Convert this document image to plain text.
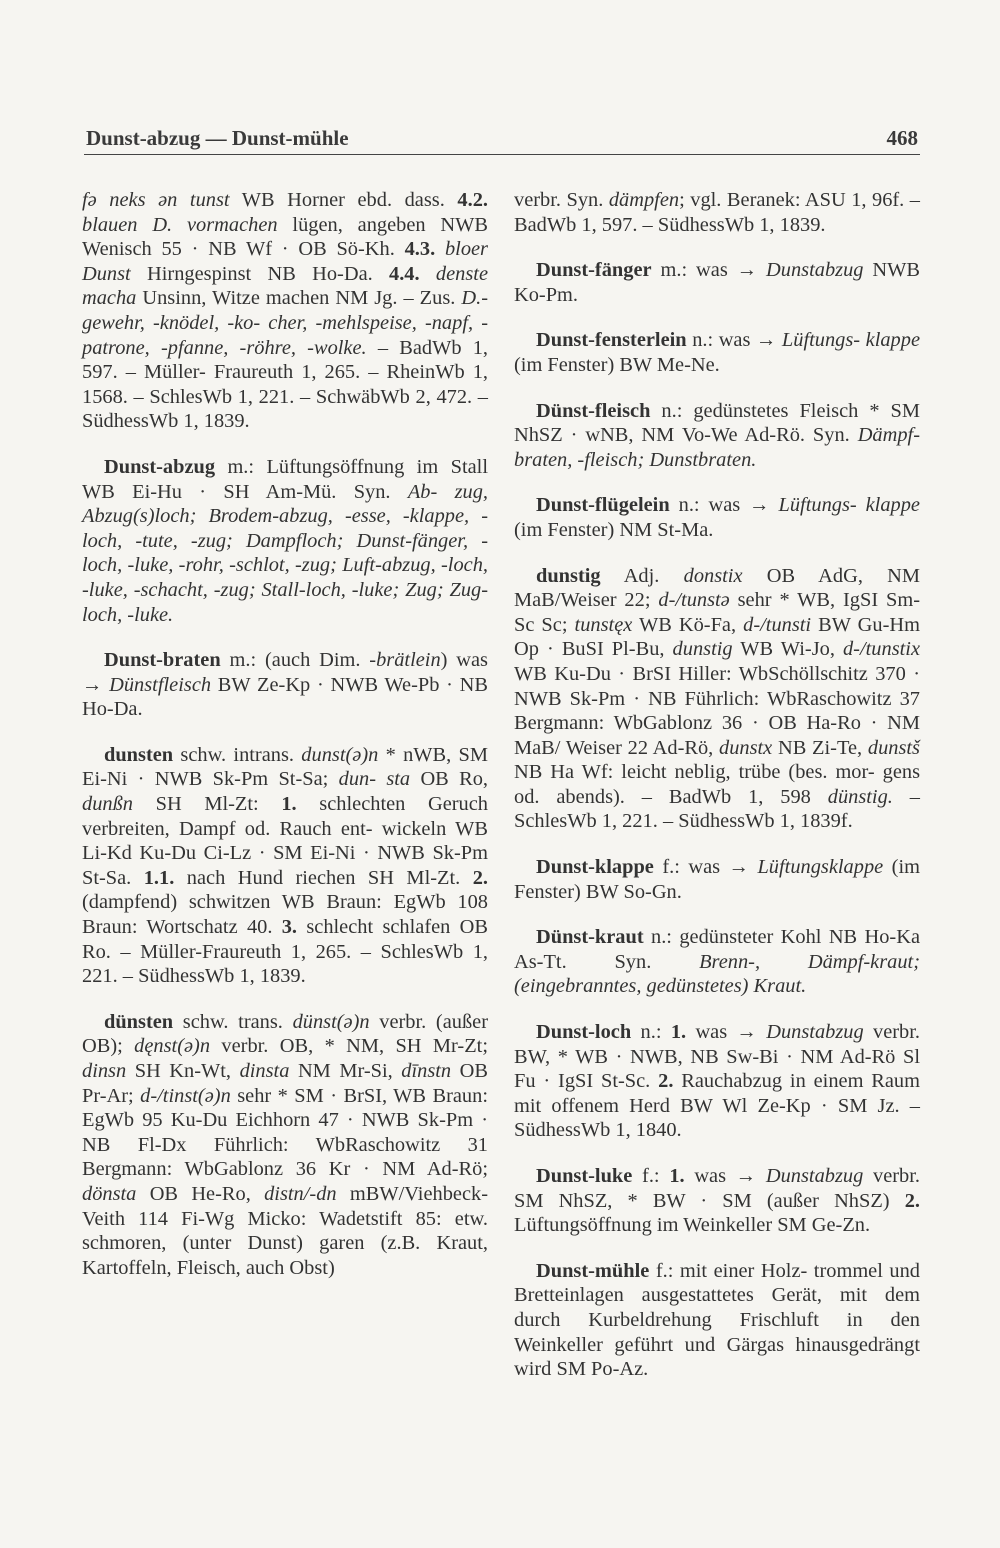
Dunst-abzug — Dunst-mühle	468

fə neks ən tunst WB Horner ebd. dass. 4.2. blauen D. vormachen lügen, angeben NWB Wenisch 55 · NB Wf · OB Sö-Kh. 4.3. bloer Dunst Hirngespinst NB Ho-Da. 4.4. denste macha Unsinn, Witze machen NM Jg. – Zus. D.-gewehr, -knödel, -ko- cher, -mehlspeise, -napf, -patrone, -pfanne, -röhre, -wolke. – BadWb 1, 597. – Müller- Fraureuth 1, 265. – RheinWb 1, 1568. – SchlesWb 1, 221. – SchwäbWb 2, 472. – SüdhessWb 1, 1839.

Dunst-abzug m.: Lüftungsöffnung im Stall WB Ei-Hu · SH Am-Mü. Syn. Ab- zug, Abzug(s)loch; Brodem-abzug, -esse, -klappe, -loch, -tute, -zug; Dampfloch; Dunst-fänger, -loch, -luke, -rohr, -schlot, -zug; Luft-abzug, -loch, -luke, -schacht, -zug; Stall-loch, -luke; Zug; Zug-loch, -luke.

Dunst-braten m.: (auch Dim. -brätlein) was → Dünstfleisch BW Ze-Kp · NWB We-Pb · NB Ho-Da.

dunsten schw. intrans. dunst(ə)n * nWB, SM Ei-Ni · NWB Sk-Pm St-Sa; dun- sta OB Ro, dunßn SH Ml-Zt: 1. schlechten Geruch verbreiten, Dampf od. Rauch ent- wickeln WB Li-Kd Ku-Du Ci-Lz · SM Ei-Ni · NWB Sk-Pm St-Sa. 1.1. nach Hund riechen SH Ml-Zt. 2. (dampfend) schwitzen WB Braun: EgWb 108 Braun: Wortschatz 40. 3. schlecht schlafen OB Ro. – Müller-Fraureuth 1, 265. – SchlesWb 1, 221. – SüdhessWb 1, 1839.

dünsten schw. trans. dünst(ə)n verbr. (außer OB); dęnst(ə)n verbr. OB, * NM, SH Mr-Zt; dinsn SH Kn-Wt, dinsta NM Mr-Si, dīnstn OB Pr-Ar; d-/tinst(ə)n sehr * SM · BrSI, WB Braun: EgWb 95 Ku-Du Eichhorn 47 · NWB Sk-Pm · NB Fl-Dx Führlich: WbRaschowitz 31 Bergmann: WbGablonz 36 Kr · NM Ad-Rö; dönsta OB He-Ro, distn/-dn mBW/Viehbeck- Veith 114 Fi-Wg Micko: Wadetstift 85: etw. schmoren, (unter Dunst) garen (z.B. Kraut, Kartoffeln, Fleisch, auch Obst)

verbr. Syn. dämpfen; vgl. Beranek: ASU 1, 96f. – BadWb 1, 597. – SüdhessWb 1, 1839.

Dunst-fänger m.: was → Dunstabzug NWB Ko-Pm.

Dunst-fensterlein n.: was → Lüftungs- klappe (im Fenster) BW Me-Ne.

Dünst-fleisch n.: gedünstetes Fleisch * SM NhSZ · wNB, NM Vo-We Ad-Rö. Syn. Dämpf-braten, -fleisch; Dunstbraten.

Dunst-flügelein n.: was → Lüftungs- klappe (im Fenster) NM St-Ma.

dunstig Adj. donstix OB AdG, NM MaB/Weiser 22; d-/tunstə sehr * WB, IgSI Sm-Sc Sc; tunstęx WB Kö-Fa, d-/tunsti BW Gu-Hm Op · BuSI Pl-Bu, dunstig WB Wi-Jo, d-/tunstix WB Ku-Du · BrSI Hiller: WbSchöllschitz 370 · NWB Sk-Pm · NB Führlich: WbRaschowitz 37 Bergmann: WbGablonz 36 · OB Ha-Ro · NM MaB/ Weiser 22 Ad-Rö, dunstx NB Zi-Te, dunstš NB Ha Wf: leicht neblig, trübe (bes. mor- gens od. abends). – BadWb 1, 598 dünstig. – SchlesWb 1, 221. – SüdhessWb 1, 1839f.

Dunst-klappe f.: was → Lüftungsklappe (im Fenster) BW So-Gn.

Dünst-kraut n.: gedünsteter Kohl NB Ho-Ka As-Tt. Syn. Brenn-, Dämpf-kraut; (eingebranntes, gedünstetes) Kraut.

Dunst-loch n.: 1. was → Dunstabzug verbr. BW, * WB · NWB, NB Sw-Bi · NM Ad-Rö Sl Fu · IgSI St-Sc. 2. Rauchabzug in einem Raum mit offenem Herd BW Wl Ze-Kp · SM Jz. – SüdhessWb 1, 1840.

Dunst-luke f.: 1. was → Dunstabzug verbr. SM NhSZ, * BW · SM (außer NhSZ) 2. Lüftungsöffnung im Weinkeller SM Ge-Zn.

Dunst-mühle f.: mit einer Holz- trommel und Bretteinlagen ausgestattetes Gerät, mit dem durch Kurbeldrehung Frischluft in den Weinkeller geführt und Gärgas hinausgedrängt wird SM Po-Az.
